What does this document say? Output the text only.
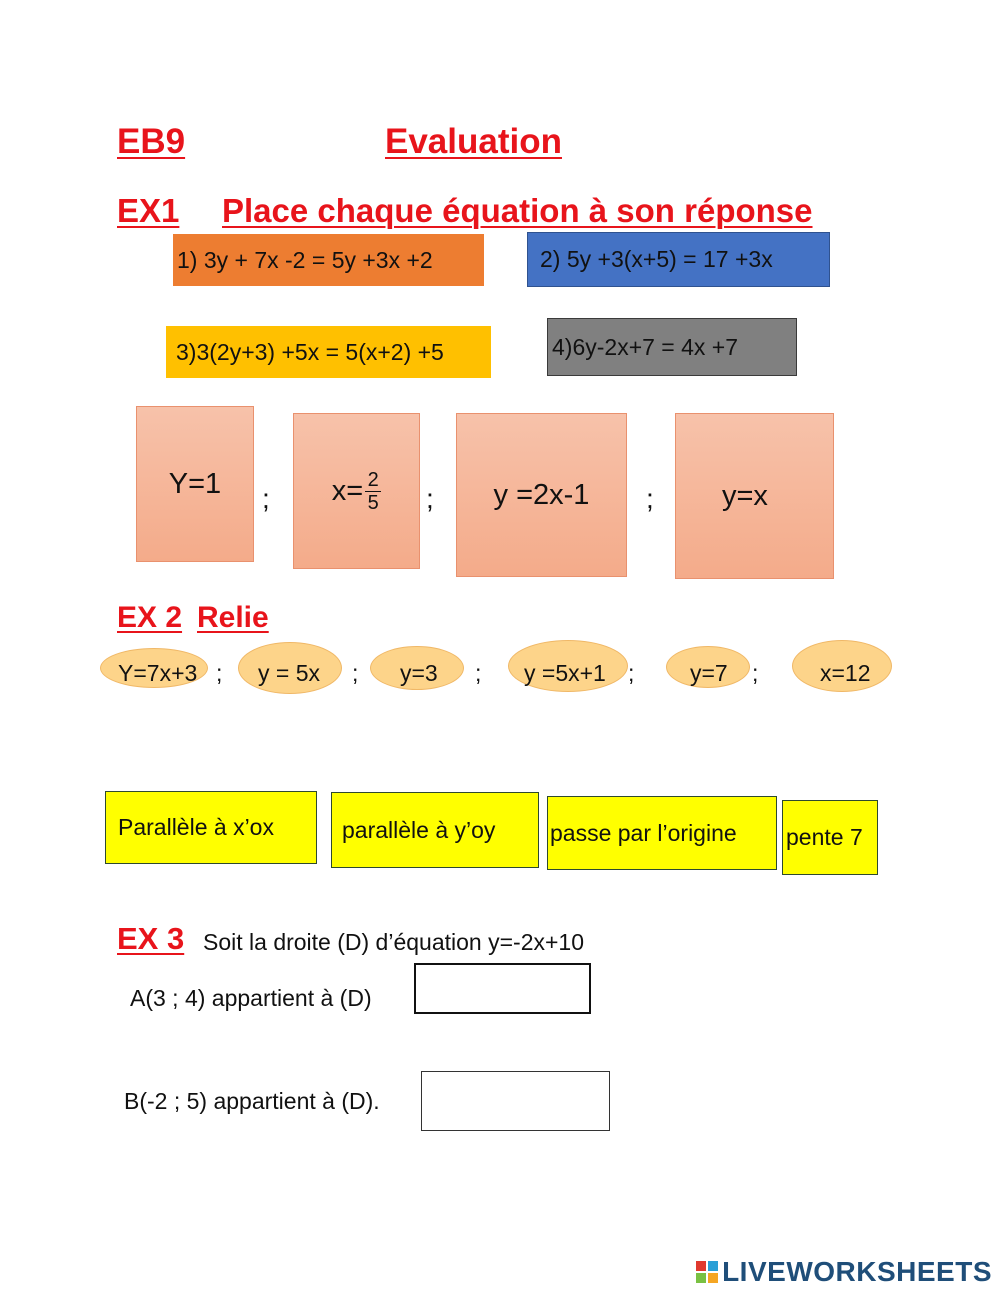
EB9	Evaluation
EX1 Place chaque équation à son réponse
1) 3y + 7x -2 = 5y +3x +2	2) 5y +3(x+5) = 17 +3x
3)3(2y+3) +5x = 5(x+2) +5	4)6y-2x+7 = 4x +7
Y=1 ; $x= \frac{2}{5}$ ; y =2x-1 ; y=x
EX 2 Relie
Y=7x+3 ; y = 5x ; y=3 ; y =5x+1 ; y=7 ;	x=12
Parallèle à x’ox	parallèle à y’oy	passe par l’origine	pente 7
EX 3 Soit la droite (D) d’équation y=-2x+10
A(3 ; 4) appartient à (D)
B(-2 ; 5) appartient à (D).
LIVEWORKSHEETS
